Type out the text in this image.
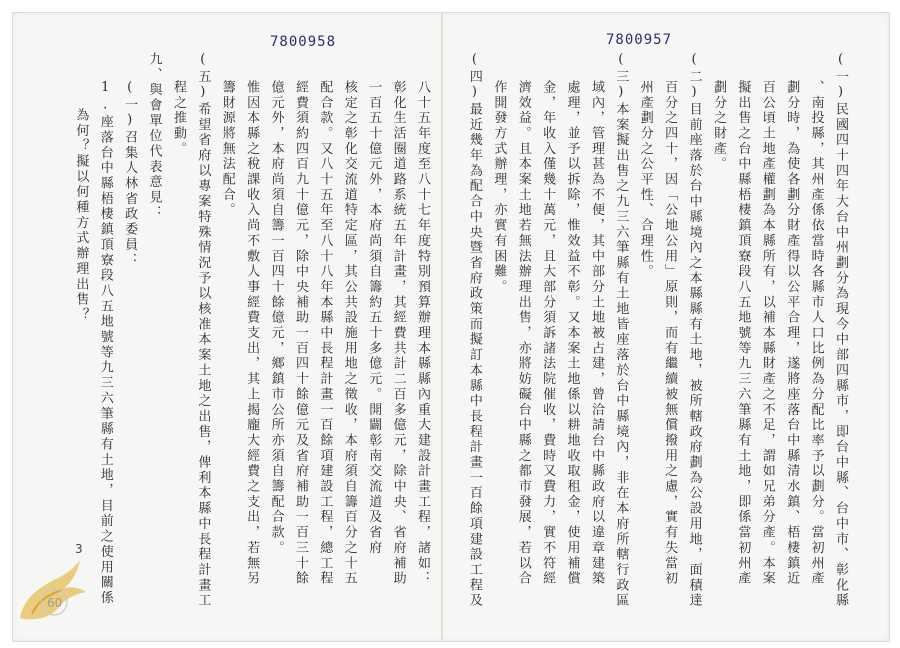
7800958	7800957
(一)民國四十四年大台中州劃分為現今中部四縣市，即台中縣、台中市、彰化縣
、南投縣，其州產係依當時各縣市人口比例為分配比率予以劃分。當初州產
劃分時，為使各劃分財產得以公平合理，遂將座落台中縣清水鎮、梧棲鎮近
百公頃土地產權劃為本縣所有，以補本縣財產之不足，謂如兄弟分產。本案
擬出售之台中縣梧棲鎮頂寮段八五地號等九三六筆縣有土地，即係當初州產
劃分之財產。
(二)目前座落於台中縣境內之本縣縣有土地，被所轄政府劃為公設用地，面積達
百分之四十，因「公地公用」原則，而有繼續被無償撥用之慮，實有失當初
州產劃分之公平性、合理性。
(三)本案擬出售之九三六筆縣有土地皆座落於台中縣境內，非在本府所轄行政區
域內，管理甚為不便，其中部分土地被占建，曾洽請台中縣政府以違章建築
處理，並予以拆除，惟效益不彰。又本案土地係以耕地收取租金，使用補償
金，年收入僅幾十萬元，且大部分須訴諸法院催收，費時又費力，實不符經
濟效益。且本案土地若無法辦理出售，亦將妨礙台中縣之都市發展，若以合
作開發方式辦理，亦實有困難。
(四)最近幾年為配合中央暨省府政策而擬訂本縣中長程計畫一百餘項建設工程及
八十五年度至八十七年度特別預算辦理本縣縣內重大建設計畫工程，諸如：
彰化生活圈道路系統五年計畫，其經費共計二百多億元，除中央、省府補助
一百五十億元外，本府尚須自籌約五十多億元。開闢彰南交流道及省府
核定之彰化交流道特定區，其公共設施用地之徵收，本府須自籌百分之十五
配合款。又八十五年至八十八年本縣中長程計畫一百餘項建設工程，總工程
經費須約四百九十億元，除中央補助一百四十餘億元及省府補助一百三十餘
億元外，本府尚須自籌一百四十餘億元，鄉鎮市公所亦須自籌配合款。
惟因本縣之稅課收入尚不敷人事經費支出，其上揭龐大經費之支出，若無另
籌財源將無法配合。
(五)希望省府以專案特殊情況予以核准本案土地之出售，俾利本縣中長程計畫工
程之推動。
九、與會單位代表意見：
(一)召集人林省政委員：
1.座落台中縣梧棲鎮頂寮段八五地號等九三六筆縣有土地，目前之使用關係
為何？擬以何種方式辦理出售？
3
60
